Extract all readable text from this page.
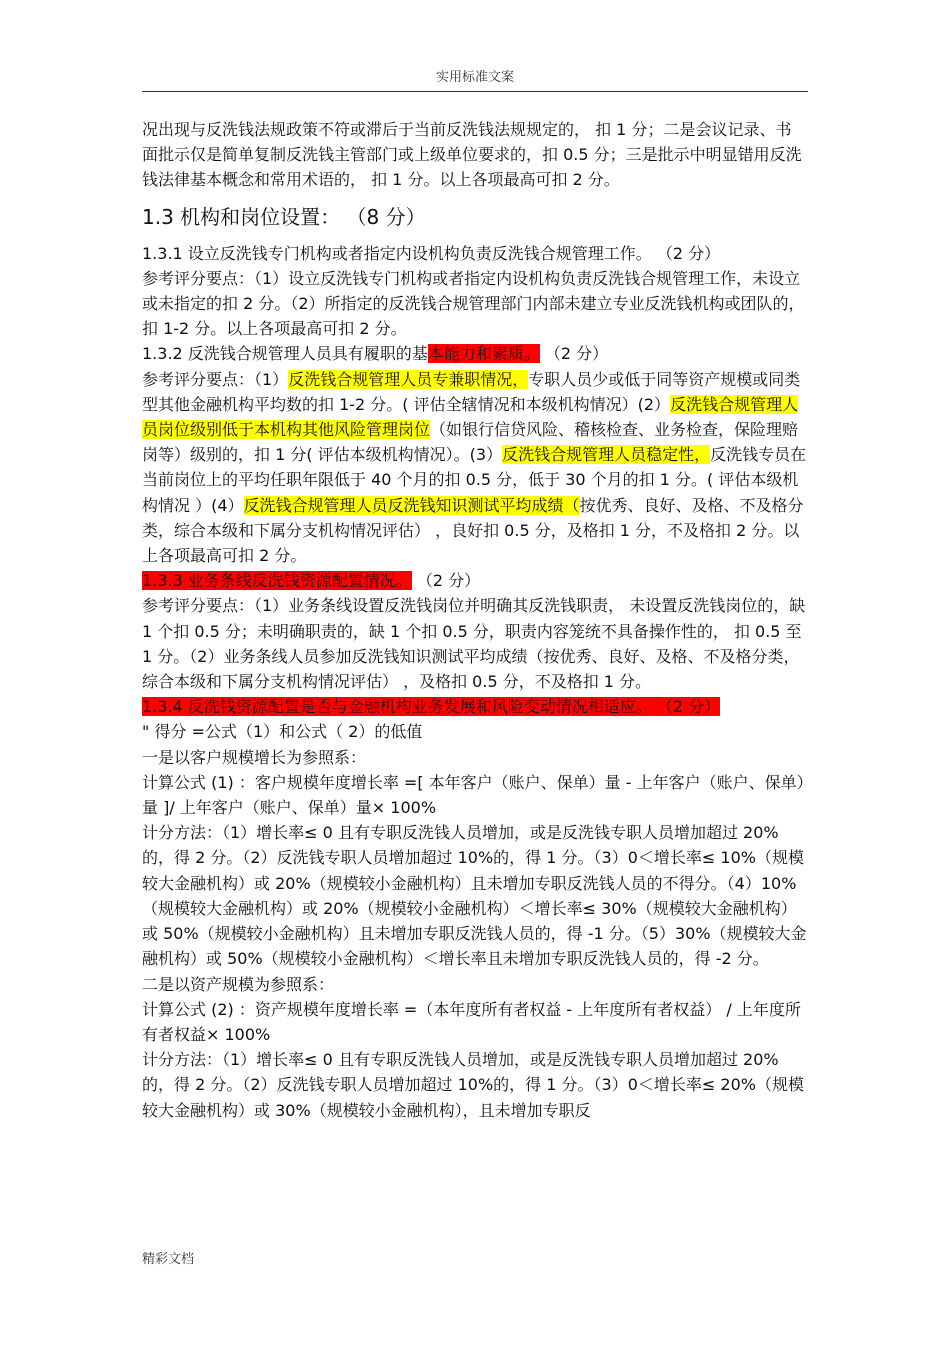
实用标准文案

况出现与反洗钱法规政策不符或滞后于当前反洗钱法规规定的， 扣 1 分；二是会议记录、书面批示仅是简单复制反洗钱主管部门或上级单位要求的，扣 0.5 分；三是批示中明显错用反洗钱法律基本概念和常用术语的， 扣 1 分。以上各项最高可扣 2 分。

1.3 机构和岗位设置： （8 分）

1.3.1 设立反洗钱专门机构或者指定内设机构负责反洗钱合规管理工作。 （2 分）

参考评分要点：（1）设立反洗钱专门机构或者指定内设机构负责反洗钱合规管理工作，未设立或未指定的扣 2 分。（2）所指定的反洗钱合规管理部门内部未建立专业反洗钱机构或团队的，扣 1-2 分。以上各项最高可扣 2 分。

1.3.2 反洗钱合规管理人员具有履职的基本能力和素质。 （2 分）

参考评分要点：（1）反洗钱合规管理人员专兼职情况，专职人员少或低于同等资产规模或同类型其他金融机构平均数的扣 1-2 分。( 评估全辖情况和本级机构情况）(2）反洗钱合规管理人员岗位级别低于本机构其他风险管理岗位（如银行信贷风险、稽核检查、业务检查，保险理赔岗等）级别的，扣 1 分( 评估本级机构情况）。(3）反洗钱合规管理人员稳定性，反洗钱专员在当前岗位上的平均任职年限低于 40 个月的扣 0.5 分，低于 30 个月的扣 1 分。( 评估本级机构情况 ）(4）反洗钱合规管理人员反洗钱知识测试平均成绩（按优秀、良好、及格、不及格分类，综合本级和下属分支机构情况评估） ，良好扣 0.5 分，及格扣 1 分，不及格扣 2 分。以上各项最高可扣 2 分。

1.3.3 业务条线反洗钱资源配置情况。 （2 分）

参考评分要点：（1）业务条线设置反洗钱岗位并明确其反洗钱职责， 未设置反洗钱岗位的，缺 1 个扣 0.5 分；未明确职责的，缺 1 个扣 0.5 分，职责内容笼统不具备操作性的， 扣 0.5 至 1 分。（2）业务条线人员参加反洗钱知识测试平均成绩（按优秀、良好、及格、不及格分类，综合本级和下属分支机构情况评估） ，及格扣 0.5 分，不及格扣 1 分。

1.3.4 反洗钱资源配置是否与金融机构业务发展和风险变动情况相适应。 （2 分）

" 得分 =公式（1）和公式（ 2）的低值

一是以客户规模增长为参照系：

计算公式 (1) ：客户规模年度增长率 =[ 本年客户（账户、保单）量 - 上年客户（账户、保单）量 ]/ 上年客户（账户、保单）量× 100%

计分方法：（1）增长率≤ 0 且有专职反洗钱人员增加，或是反洗钱专职人员增加超过 20%的，得 2 分。（2）反洗钱专职人员增加超过 10%的，得 1 分。（3）0＜增长率≤ 10%（规模较大金融机构）或 20%（规模较小金融机构）且未增加专职反洗钱人员的不得分。（4）10%（规模较大金融机构）或 20%（规模较小金融机构）＜增长率≤ 30%（规模较大金融机构）或 50%（规模较小金融机构）且未增加专职反洗钱人员的，得 -1 分。（5）30%（规模较大金融机构）或 50%（规模较小金融机构）＜增长率且未增加专职反洗钱人员的，得 -2 分。

二是以资产规模为参照系：

计算公式 (2) ：资产规模年度增长率 =（本年度所有者权益 - 上年度所有者权益） / 上年度所有者权益× 100%

计分方法：（1）增长率≤ 0 且有专职反洗钱人员增加，或是反洗钱专职人员增加超过 20%的，得 2 分。（2）反洗钱专职人员增加超过 10%的，得 1 分。（3）0＜增长率≤ 20%（规模较大金融机构）或 30%（规模较小金融机构），且未增加专职反

精彩文档
